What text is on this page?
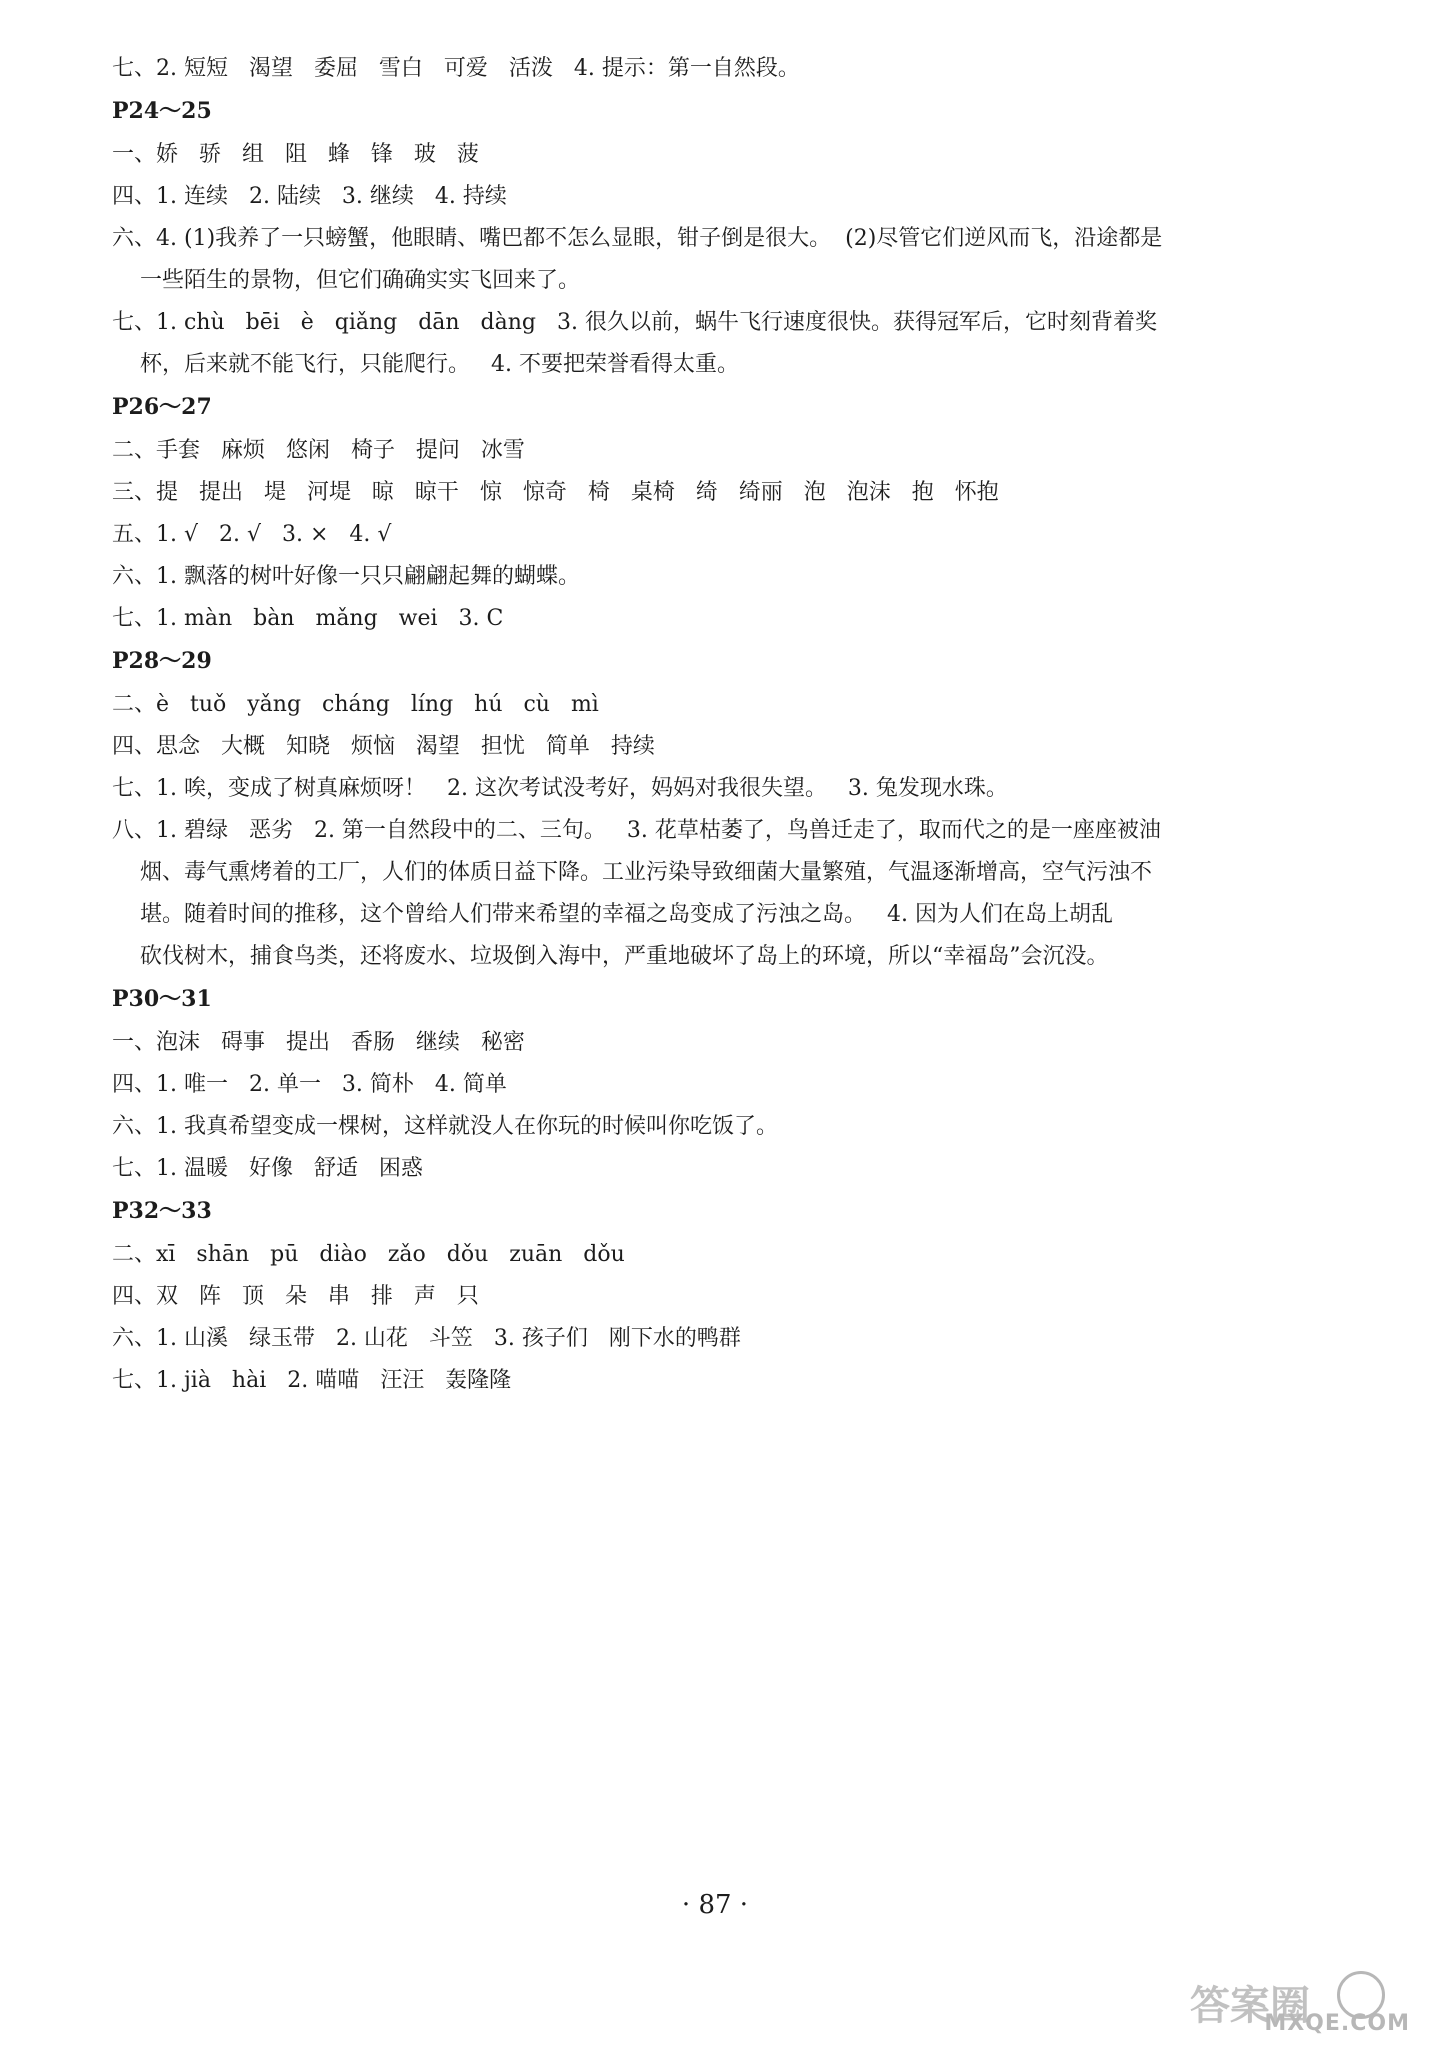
七、2. 短短   渴望   委屈   雪白   可爱   活泼   4. 提示：第一自然段。

P24～25

一、娇   骄   组   阻   蜂   锋   玻   菠

四、1. 连续   2. 陆续   3. 继续   4. 持续

六、4. (1)我养了一只螃蟹，他眼睛、嘴巴都不怎么显眼，钳子倒是很大。  (2)尽管它们逆风而飞，沿途都是

一些陌生的景物，但它们确确实实飞回来了。

七、1. chù   bēi   è   qiǎng   dān   dàng   3. 很久以前，蜗牛飞行速度很快。获得冠军后，它时刻背着奖

杯，后来就不能飞行，只能爬行。   4. 不要把荣誉看得太重。

P26～27

二、手套   麻烦   悠闲   椅子   提问   冰雪

三、提   提出   堤   河堤   晾   晾干   惊   惊奇   椅   桌椅   绮   绮丽   泡   泡沫   抱   怀抱

五、1. √   2. √   3. ×   4. √

六、1. 飘落的树叶好像一只只翩翩起舞的蝴蝶。

七、1. màn   bàn   mǎng   wei   3. C

P28～29

二、è   tuǒ   yǎng   cháng   líng   hú   cù   mì

四、思念   大概   知晓   烦恼   渴望   担忧   简单   持续

七、1. 唉，变成了树真麻烦呀！   2. 这次考试没考好，妈妈对我很失望。   3. 兔发现水珠。

八、1. 碧绿   恶劣   2. 第一自然段中的二、三句。   3. 花草枯萎了，鸟兽迁走了，取而代之的是一座座被油

烟、毒气熏烤着的工厂，人们的体质日益下降。工业污染导致细菌大量繁殖，气温逐渐增高，空气污浊不

堪。随着时间的推移，这个曾给人们带来希望的幸福之岛变成了污浊之岛。   4. 因为人们在岛上胡乱

砍伐树木，捕食鸟类，还将废水、垃圾倒入海中，严重地破坏了岛上的环境，所以“幸福岛”会沉没。

P30～31

一、泡沫   碍事   提出   香肠   继续   秘密

四、1. 唯一   2. 单一   3. 简朴   4. 简单

六、1. 我真希望变成一棵树，这样就没人在你玩的时候叫你吃饭了。

七、1. 温暖   好像   舒适   困惑

P32～33

二、xī   shān   pū   diào   zǎo   dǒu   zuān   dǒu

四、双   阵   顶   朵   串   排   声   只

六、1. 山溪   绿玉带   2. 山花   斗笠   3. 孩子们   刚下水的鸭群

七、1. jià   hài   2. 喵喵   汪汪   轰隆隆

· 87 ·
答案圈
MXQE.COM
